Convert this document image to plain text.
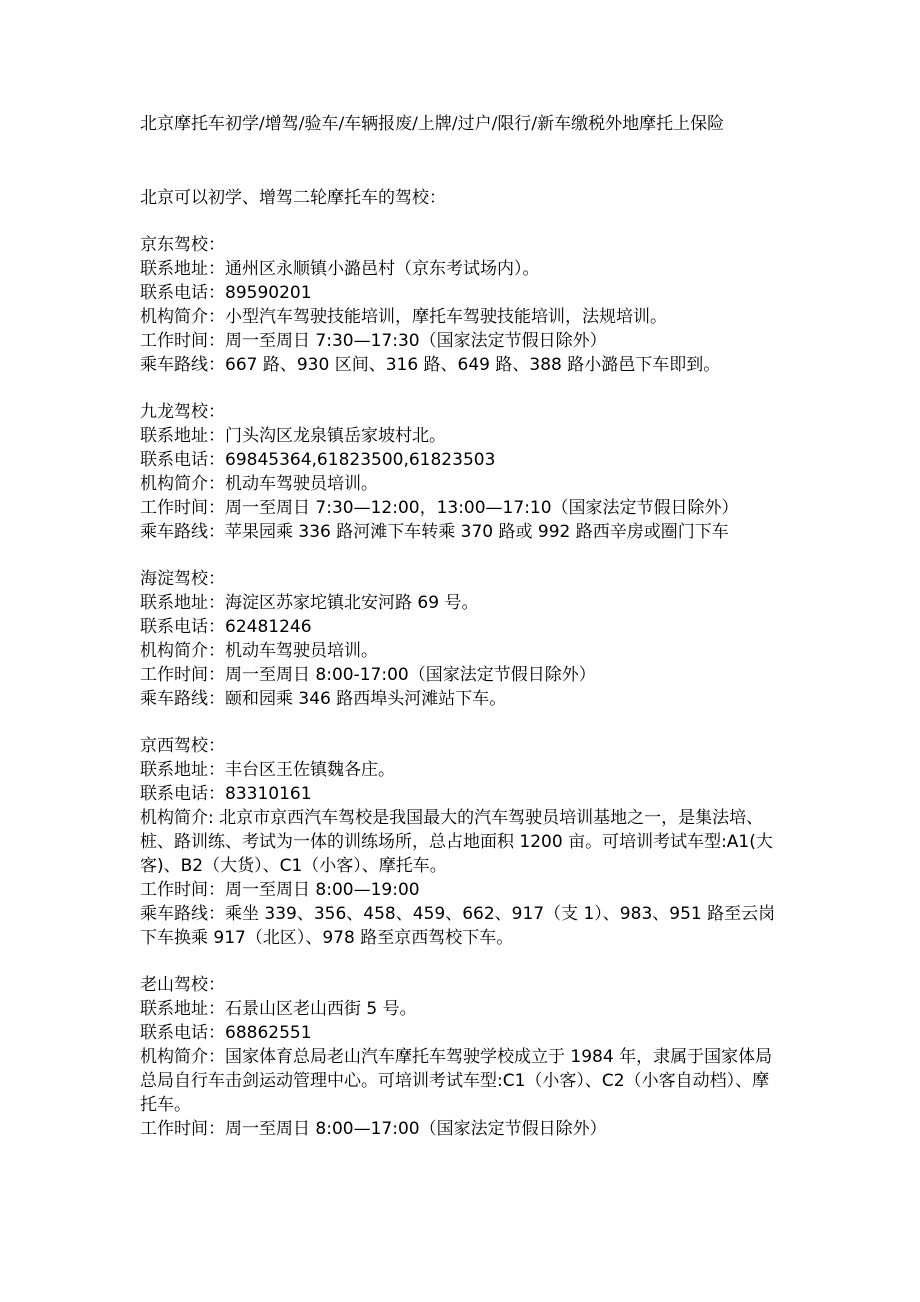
北京摩托车初学/增驾/验车/车辆报废/上牌/过户/限行/新车缴税外地摩托上保险

北京可以初学、增驾二轮摩托车的驾校：

京东驾校：

联系地址：通州区永顺镇小潞邑村（京东考试场内）。

联系电话：89590201

机构简介：小型汽车驾驶技能培训，摩托车驾驶技能培训，法规培训。

工作时间：周一至周日 7:30—17:30（国家法定节假日除外）

乘车路线：667 路、930 区间、316 路、649 路、388 路小潞邑下车即到。

九龙驾校：

联系地址：门头沟区龙泉镇岳家坡村北。

联系电话：69845364,61823500,61823503

机构简介：机动车驾驶员培训。

工作时间：周一至周日 7:30—12:00，13:00—17:10（国家法定节假日除外）

乘车路线：苹果园乘 336 路河滩下车转乘 370 路或 992 路西辛房或圈门下车

海淀驾校：

联系地址：海淀区苏家坨镇北安河路 69 号。

联系电话：62481246

机构简介：机动车驾驶员培训。

工作时间：周一至周日 8:00-17:00（国家法定节假日除外）

乘车路线：颐和园乘 346 路西埠头河滩站下车。

京西驾校：

联系地址：丰台区王佐镇魏各庄。

联系电话：83310161

机构简介: 北京市京西汽车驾校是我国最大的汽车驾驶员培训基地之一，是集法培、桩、路训练、考试为一体的训练场所，总占地面积 1200 亩。可培训考试车型:A1(大客)、B2（大货）、C1（小客）、摩托车。

工作时间：周一至周日 8:00—19:00

乘车路线：乘坐 339、356、458、459、662、917（支 1）、983、951 路至云岗下车换乘 917（北区）、978 路至京西驾校下车。

老山驾校：

联系地址：石景山区老山西街 5 号。

联系电话：68862551

机构简介：国家体育总局老山汽车摩托车驾驶学校成立于 1984 年，隶属于国家体局总局自行车击剑运动管理中心。可培训考试车型:C1（小客）、C2（小客自动档）、摩托车。

工作时间：周一至周日 8:00—17:00（国家法定节假日除外）
